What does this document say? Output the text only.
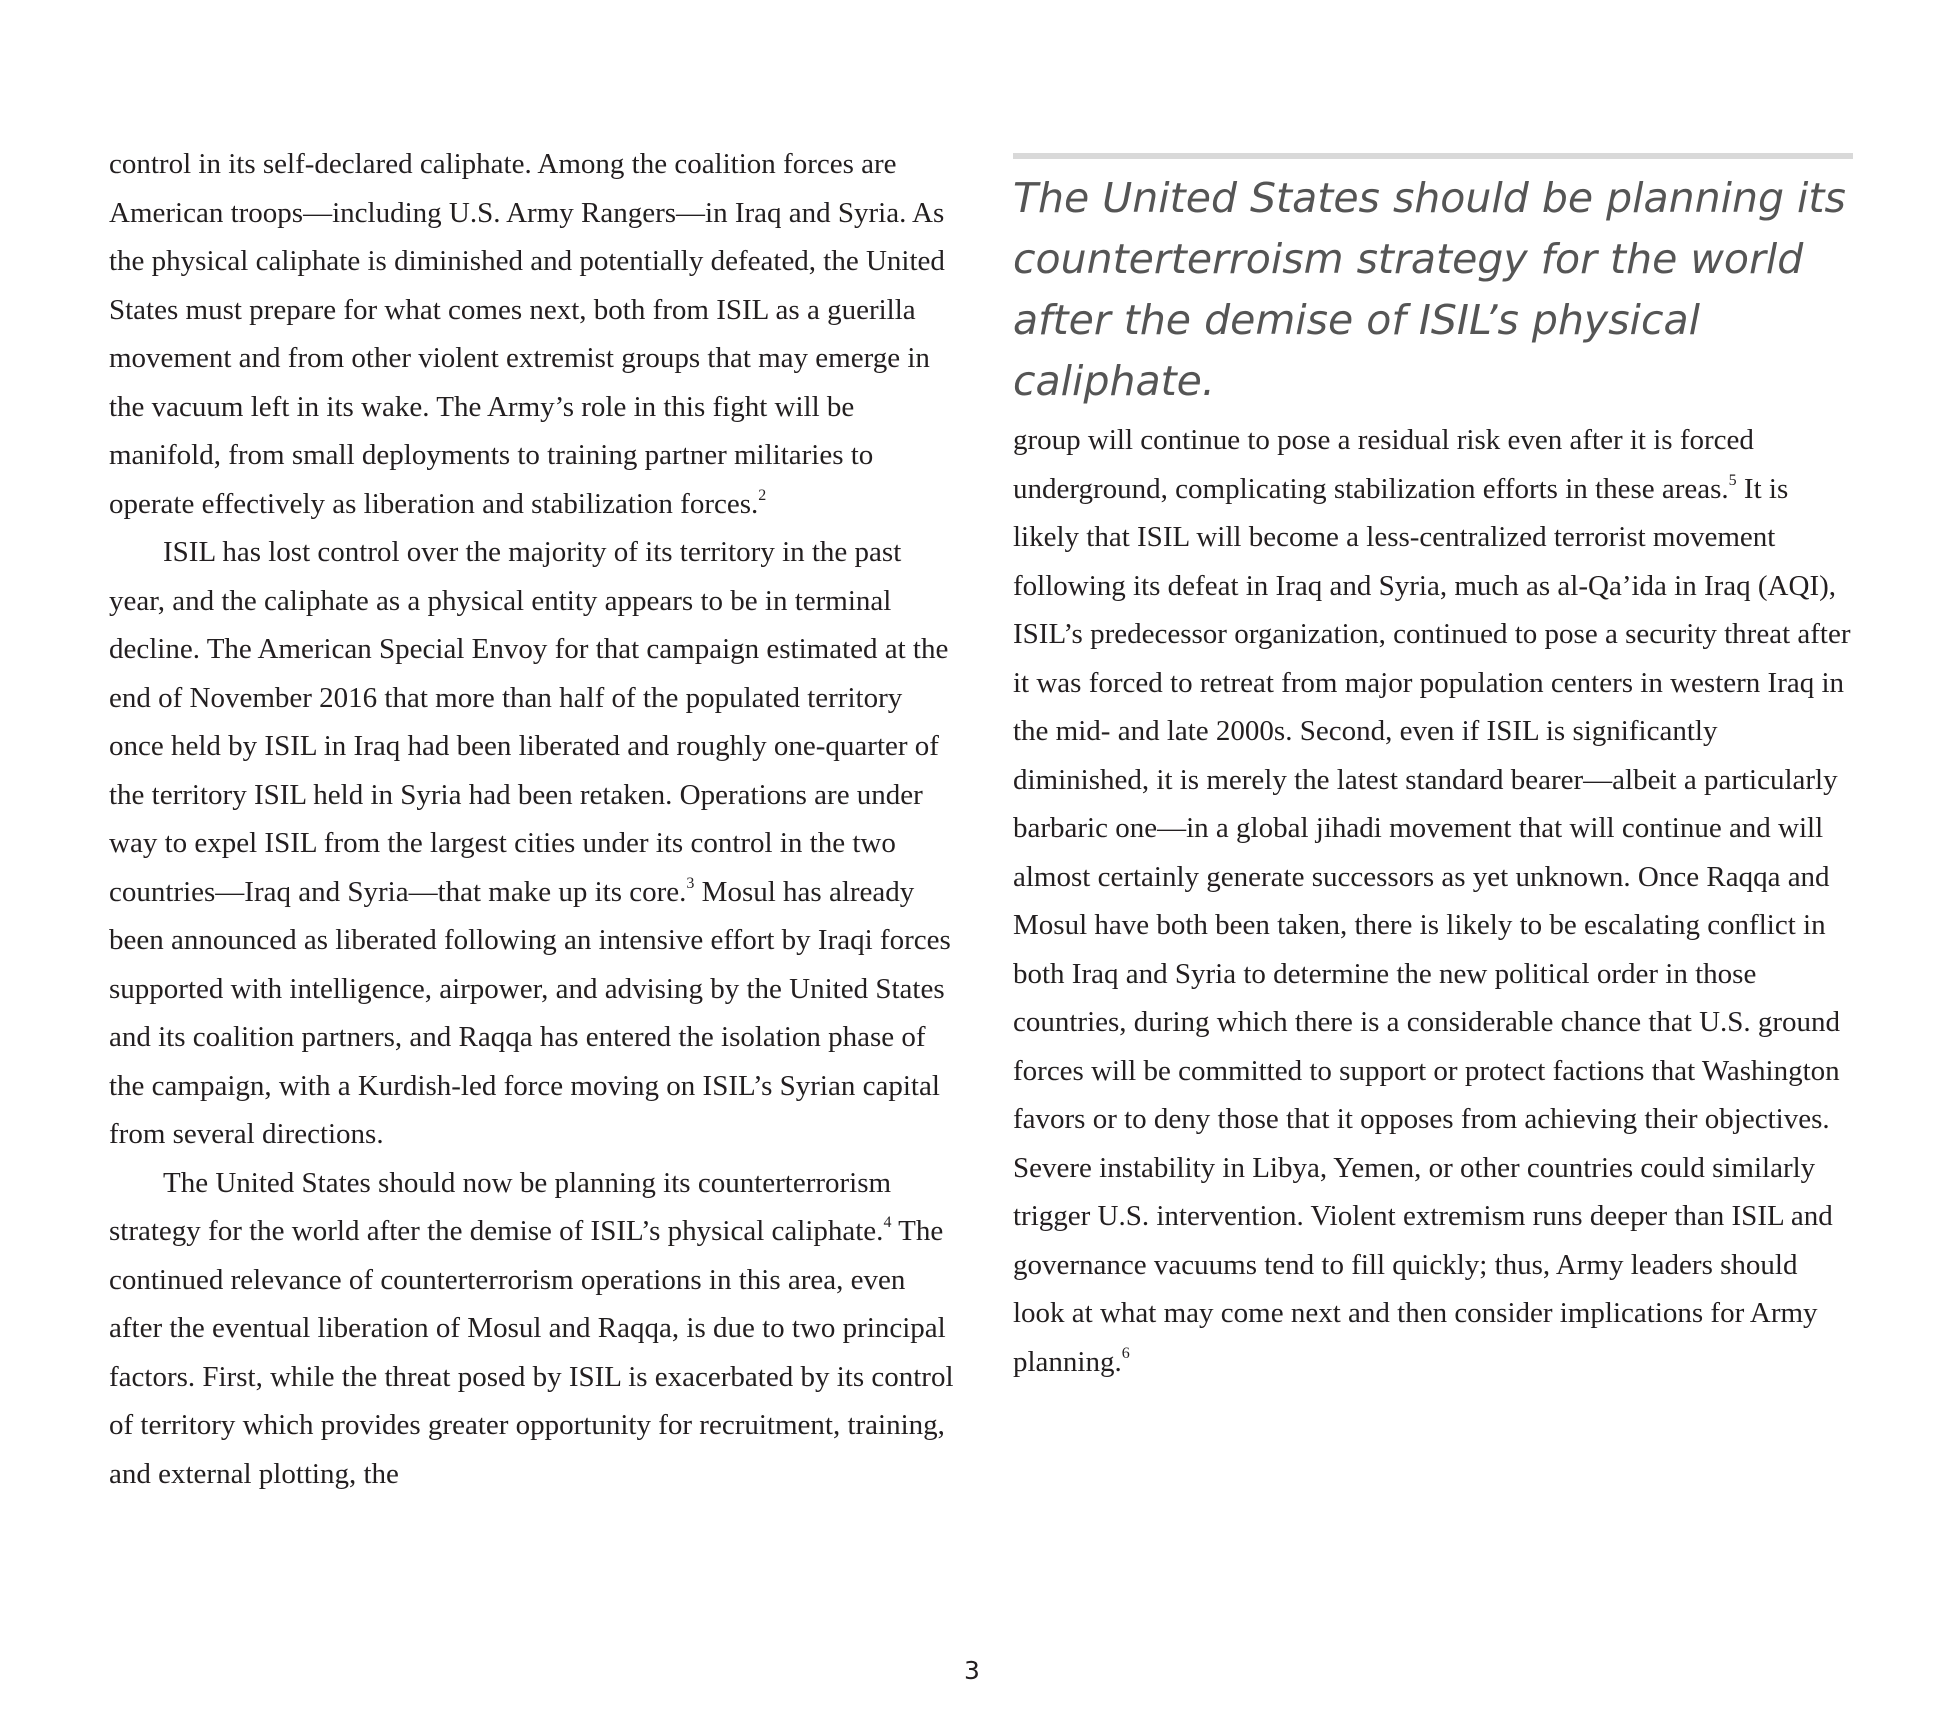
control in its self-declared caliphate. Among the coalition forces are American troops—including U.S. Army Rangers—in Iraq and Syria. As the physical caliphate is diminished and potentially defeated, the United States must prepare for what comes next, both from ISIL as a guerilla movement and from other violent extremist groups that may emerge in the vacuum left in its wake. The Army’s role in this fight will be manifold, from small deployments to training partner militaries to operate effectively as liberation and stabilization forces.$^2$

ISIL has lost control over the majority of its territory in the past year, and the caliphate as a physical entity appears to be in terminal decline. The American Special Envoy for that campaign estimated at the end of November 2016 that more than half of the populated territory once held by ISIL in Iraq had been liberated and roughly one-quarter of the territory ISIL held in Syria had been retaken. Operations are under way to expel ISIL from the largest cities under its control in the two countries—Iraq and Syria—that make up its core.$^3$ Mosul has already been announced as liberated following an intensive effort by Iraqi forces supported with intelligence, airpower, and advising by the United States and its coalition partners, and Raqqa has entered the isolation phase of the campaign, with a Kurdish-led force moving on ISIL’s Syrian capital from several directions.

The United States should now be planning its counterterrorism strategy for the world after the demise of ISIL’s physical caliphate.$^4$ The continued relevance of counterterrorism operations in this area, even after the eventual liberation of Mosul and Raqqa, is due to two principal factors. First, while the threat posed by ISIL is exacerbated by its control of territory which provides greater opportunity for recruitment, training, and external plotting, the

The United States should be planning its counterterroism strategy for the world after the demise of ISIL’s physical caliphate.

group will continue to pose a residual risk even after it is forced underground, complicating stabilization efforts in these areas.$^5$ It is likely that ISIL will become a less-centralized terrorist movement following its defeat in Iraq and Syria, much as al-Qa’ida in Iraq (AQI), ISIL’s predecessor organization, continued to pose a security threat after it was forced to retreat from major population centers in western Iraq in the mid- and late 2000s. Second, even if ISIL is significantly diminished, it is merely the latest standard bearer—albeit a particularly barbaric one—in a global jihadi movement that will continue and will almost certainly generate successors as yet unknown. Once Raqqa and Mosul have both been taken, there is likely to be escalating conflict in both Iraq and Syria to determine the new political order in those countries, during which there is a considerable chance that U.S. ground forces will be committed to support or protect factions that Washington favors or to deny those that it opposes from achieving their objectives. Severe instability in Libya, Yemen, or other countries could similarly trigger U.S. intervention. Violent extremism runs deeper than ISIL and governance vacuums tend to fill quickly; thus, Army leaders should look at what may come next and then consider implications for Army planning.$^6$

3
